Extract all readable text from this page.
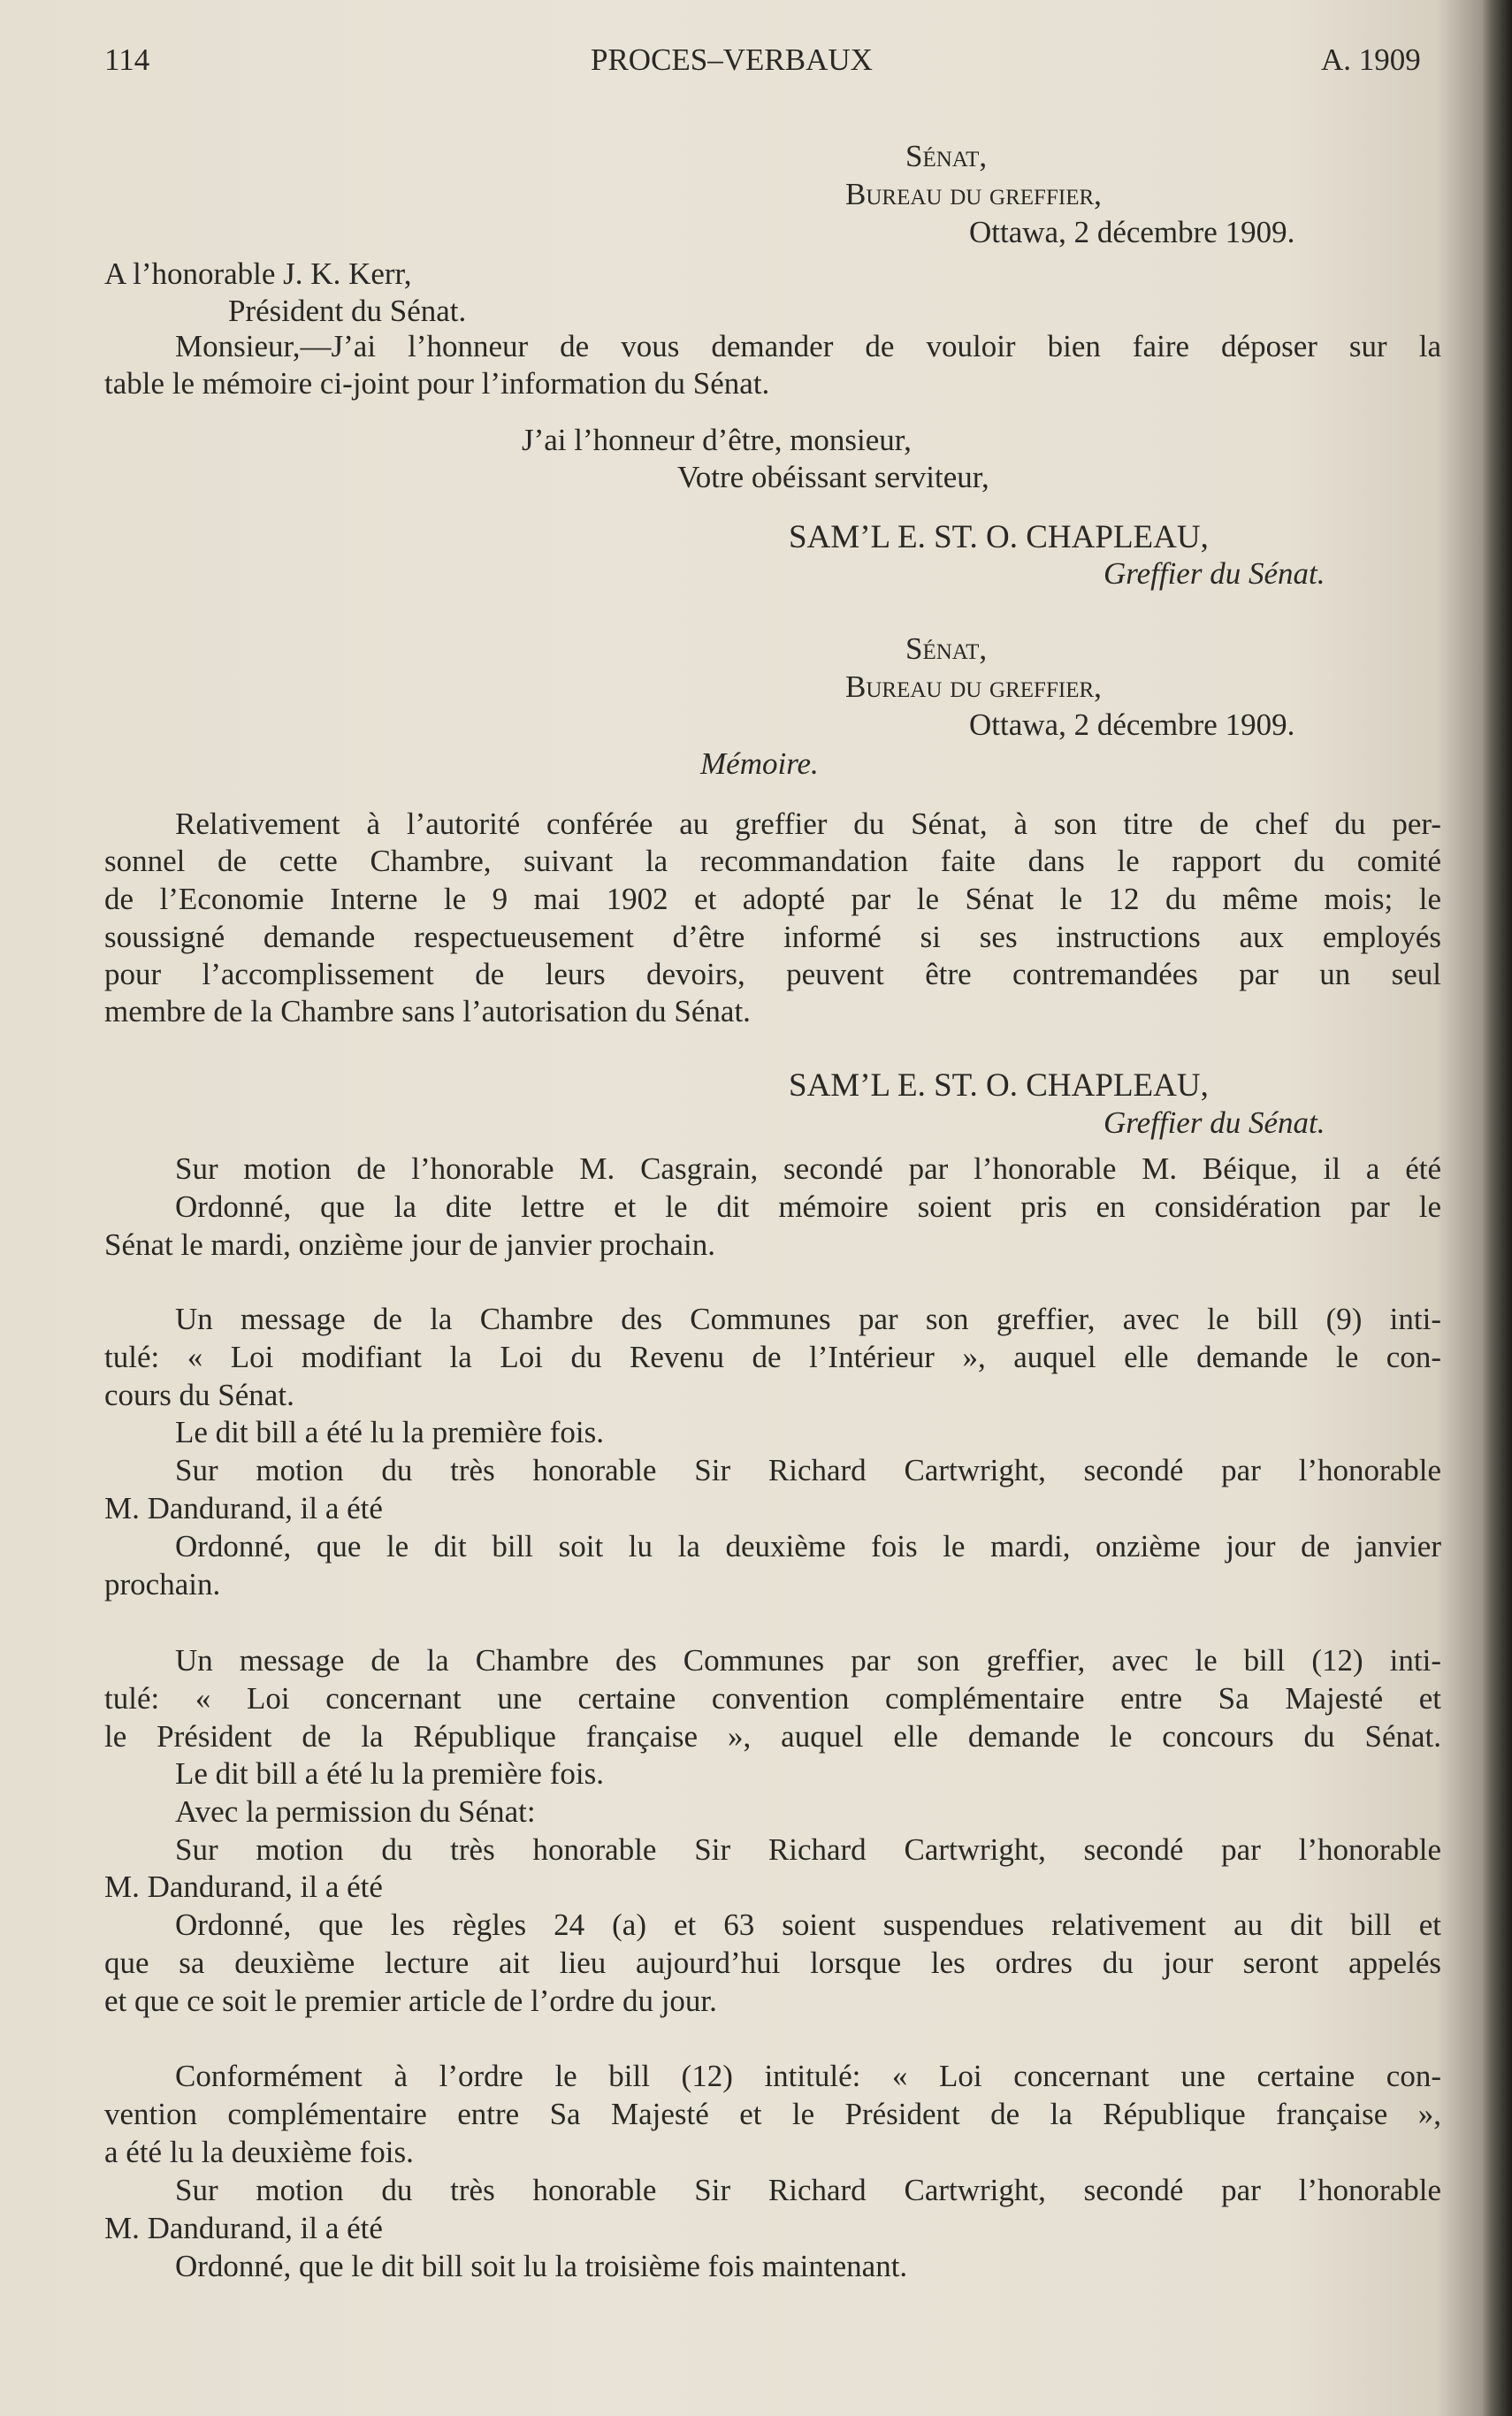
114	PROCES–VERBAUX	A. 1909
Sénat,
Bureau du greffier,
Ottawa, 2 décembre 1909.
A l’honorable J. K. Kerr,
Président du Sénat.
Monsieur,—J’ai l’honneur de vous demander de vouloir bien faire déposer sur la
table le mémoire ci-joint pour l’information du Sénat.
J’ai l’honneur d’être, monsieur,
Votre obéissant serviteur,
SAM’L E. ST. O. CHAPLEAU,
Greffier du Sénat.
Sénat,
Bureau du greffier,
Ottawa, 2 décembre 1909.
Mémoire.
Relativement à l’autorité conférée au greffier du Sénat, à son titre de chef du per-
sonnel de cette Chambre, suivant la recommandation faite dans le rapport du comité
de l’Economie Interne le 9 mai 1902 et adopté par le Sénat le 12 du même mois; le
soussigné demande respectueusement d’être informé si ses instructions aux employés
pour l’accomplissement de leurs devoirs, peuvent être contremandées par un seul
membre de la Chambre sans l’autorisation du Sénat.
SAM’L E. ST. O. CHAPLEAU,
Greffier du Sénat.
Sur motion de l’honorable M. Casgrain, secondé par l’honorable M. Béique, il a été
Ordonné, que la dite lettre et le dit mémoire soient pris en considération par le
Sénat le mardi, onzième jour de janvier prochain.
Un message de la Chambre des Communes par son greffier, avec le bill (9) inti-
tulé: « Loi modifiant la Loi du Revenu de l’Intérieur », auquel elle demande le con-
cours du Sénat.
Le dit bill a été lu la première fois.
Sur motion du très honorable Sir Richard Cartwright, secondé par l’honorable
M. Dandurand, il a été
Ordonné, que le dit bill soit lu la deuxième fois le mardi, onzième jour de janvier
prochain.
Un message de la Chambre des Communes par son greffier, avec le bill (12) inti-
tulé: « Loi concernant une certaine convention complémentaire entre Sa Majesté et
le Président de la République française », auquel elle demande le concours du Sénat.
Le dit bill a été lu la première fois.
Avec la permission du Sénat:
Sur motion du très honorable Sir Richard Cartwright, secondé par l’honorable
M. Dandurand, il a été
Ordonné, que les règles 24 (a) et 63 soient suspendues relativement au dit bill et
que sa deuxième lecture ait lieu aujourd’hui lorsque les ordres du jour seront appelés
et que ce soit le premier article de l’ordre du jour.
Conformément à l’ordre le bill (12) intitulé: « Loi concernant une certaine con-
vention complémentaire entre Sa Majesté et le Président de la République française »,
a été lu la deuxième fois.
Sur motion du très honorable Sir Richard Cartwright, secondé par l’honorable
M. Dandurand, il a été
Ordonné, que le dit bill soit lu la troisième fois maintenant.
